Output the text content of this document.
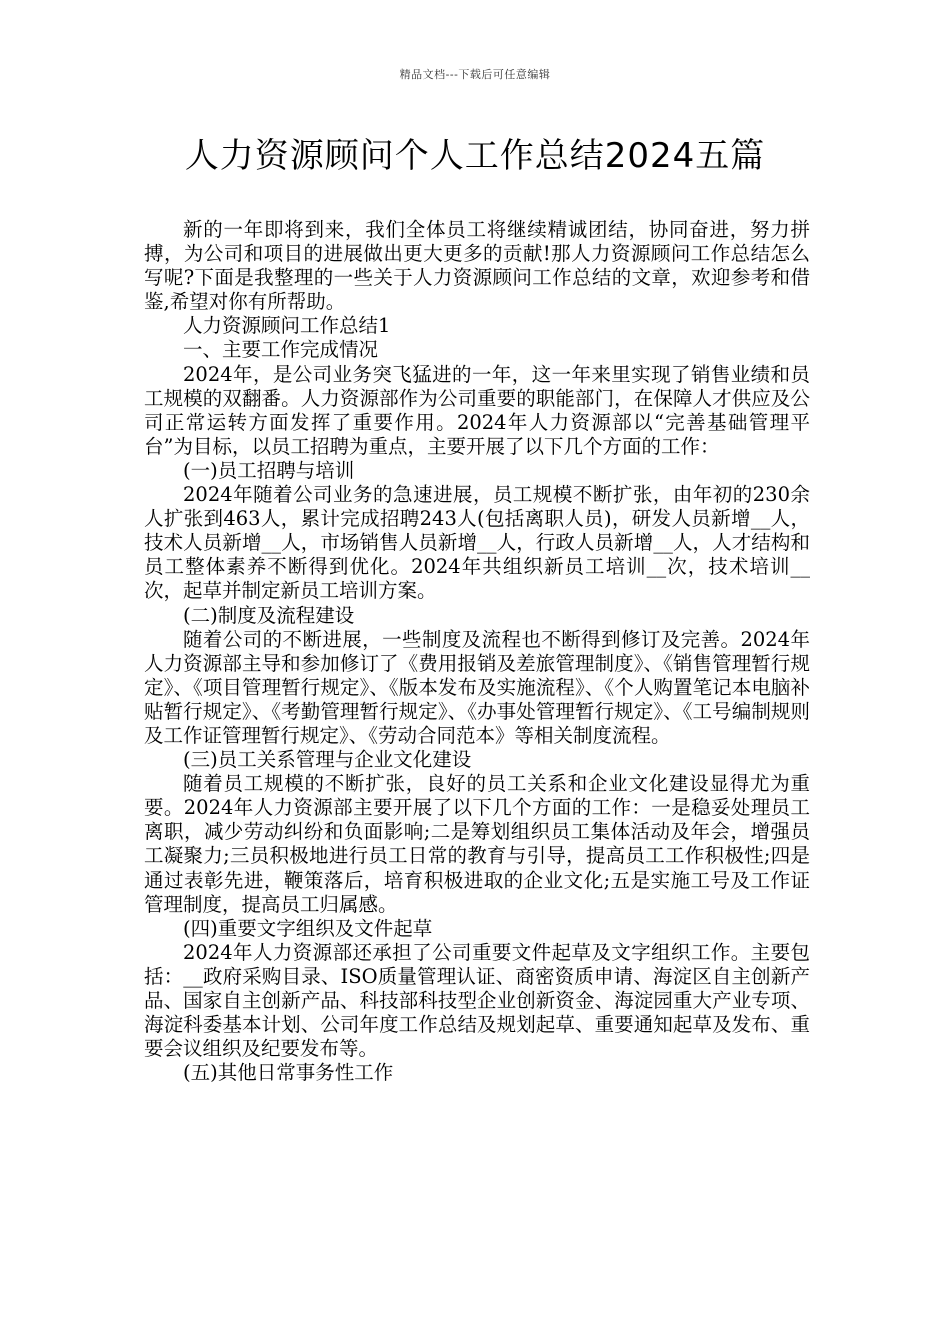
精品文档---下载后可任意编辑
人力资源顾问个人工作总结2024五篇

新的一年即将到来，我们全体员工将继续精诚团结，协同奋进，努力拼搏，为公司和项目的进展做出更大更多的贡献!那人力资源顾问工作总结怎么写呢?下面是我整理的一些关于人力资源顾问工作总结的文章，欢迎参考和借鉴,希望对你有所帮助。

人力资源顾问工作总结1

一、主要工作完成情况

2024年，是公司业务突飞猛进的一年，这一年来里实现了销售业绩和员工规模的双翻番。人力资源部作为公司重要的职能部门，在保障人才供应及公司正常运转方面发挥了重要作用。2024年人力资源部以“完善基础管理平台”为目标，以员工招聘为重点，主要开展了以下几个方面的工作：

(一)员工招聘与培训

2024年随着公司业务的急速进展，员工规模不断扩张，由年初的230余人扩张到463人，累计完成招聘243人(包括离职人员)，研发人员新增__人，技术人员新增__人，市场销售人员新增__人，行政人员新增__人，人才结构和员工整体素养不断得到优化。2024年共组织新员工培训__次，技术培训__次，起草并制定新员工培训方案。

(二)制度及流程建设

随着公司的不断进展，一些制度及流程也不断得到修订及完善。2024年人力资源部主导和参加修订了《费用报销及差旅管理制度》、《销售管理暂行规定》、《项目管理暂行规定》、《版本发布及实施流程》、《个人购置笔记本电脑补贴暂行规定》、《考勤管理暂行规定》、《办事处管理暂行规定》、《工号编制规则及工作证管理暂行规定》、《劳动合同范本》等相关制度流程。

(三)员工关系管理与企业文化建设

随着员工规模的不断扩张，良好的员工关系和企业文化建设显得尤为重要。2024年人力资源部主要开展了以下几个方面的工作：一是稳妥处理员工离职，减少劳动纠纷和负面影响;二是筹划组织员工集体活动及年会，增强员工凝聚力;三员积极地进行员工日常的教育与引导，提高员工工作积极性;四是通过表彰先进，鞭策落后，培育积极进取的企业文化;五是实施工号及工作证管理制度，提高员工归属感。

(四)重要文字组织及文件起草

2024年人力资源部还承担了公司重要文件起草及文字组织工作。主要包括：__政府采购目录、ISO质量管理认证、商密资质申请、海淀区自主创新产品、国家自主创新产品、科技部科技型企业创新资金、海淀园重大产业专项、海淀科委基本计划、公司年度工作总结及规划起草、重要通知起草及发布、重要会议组织及纪要发布等。

(五)其他日常事务性工作
